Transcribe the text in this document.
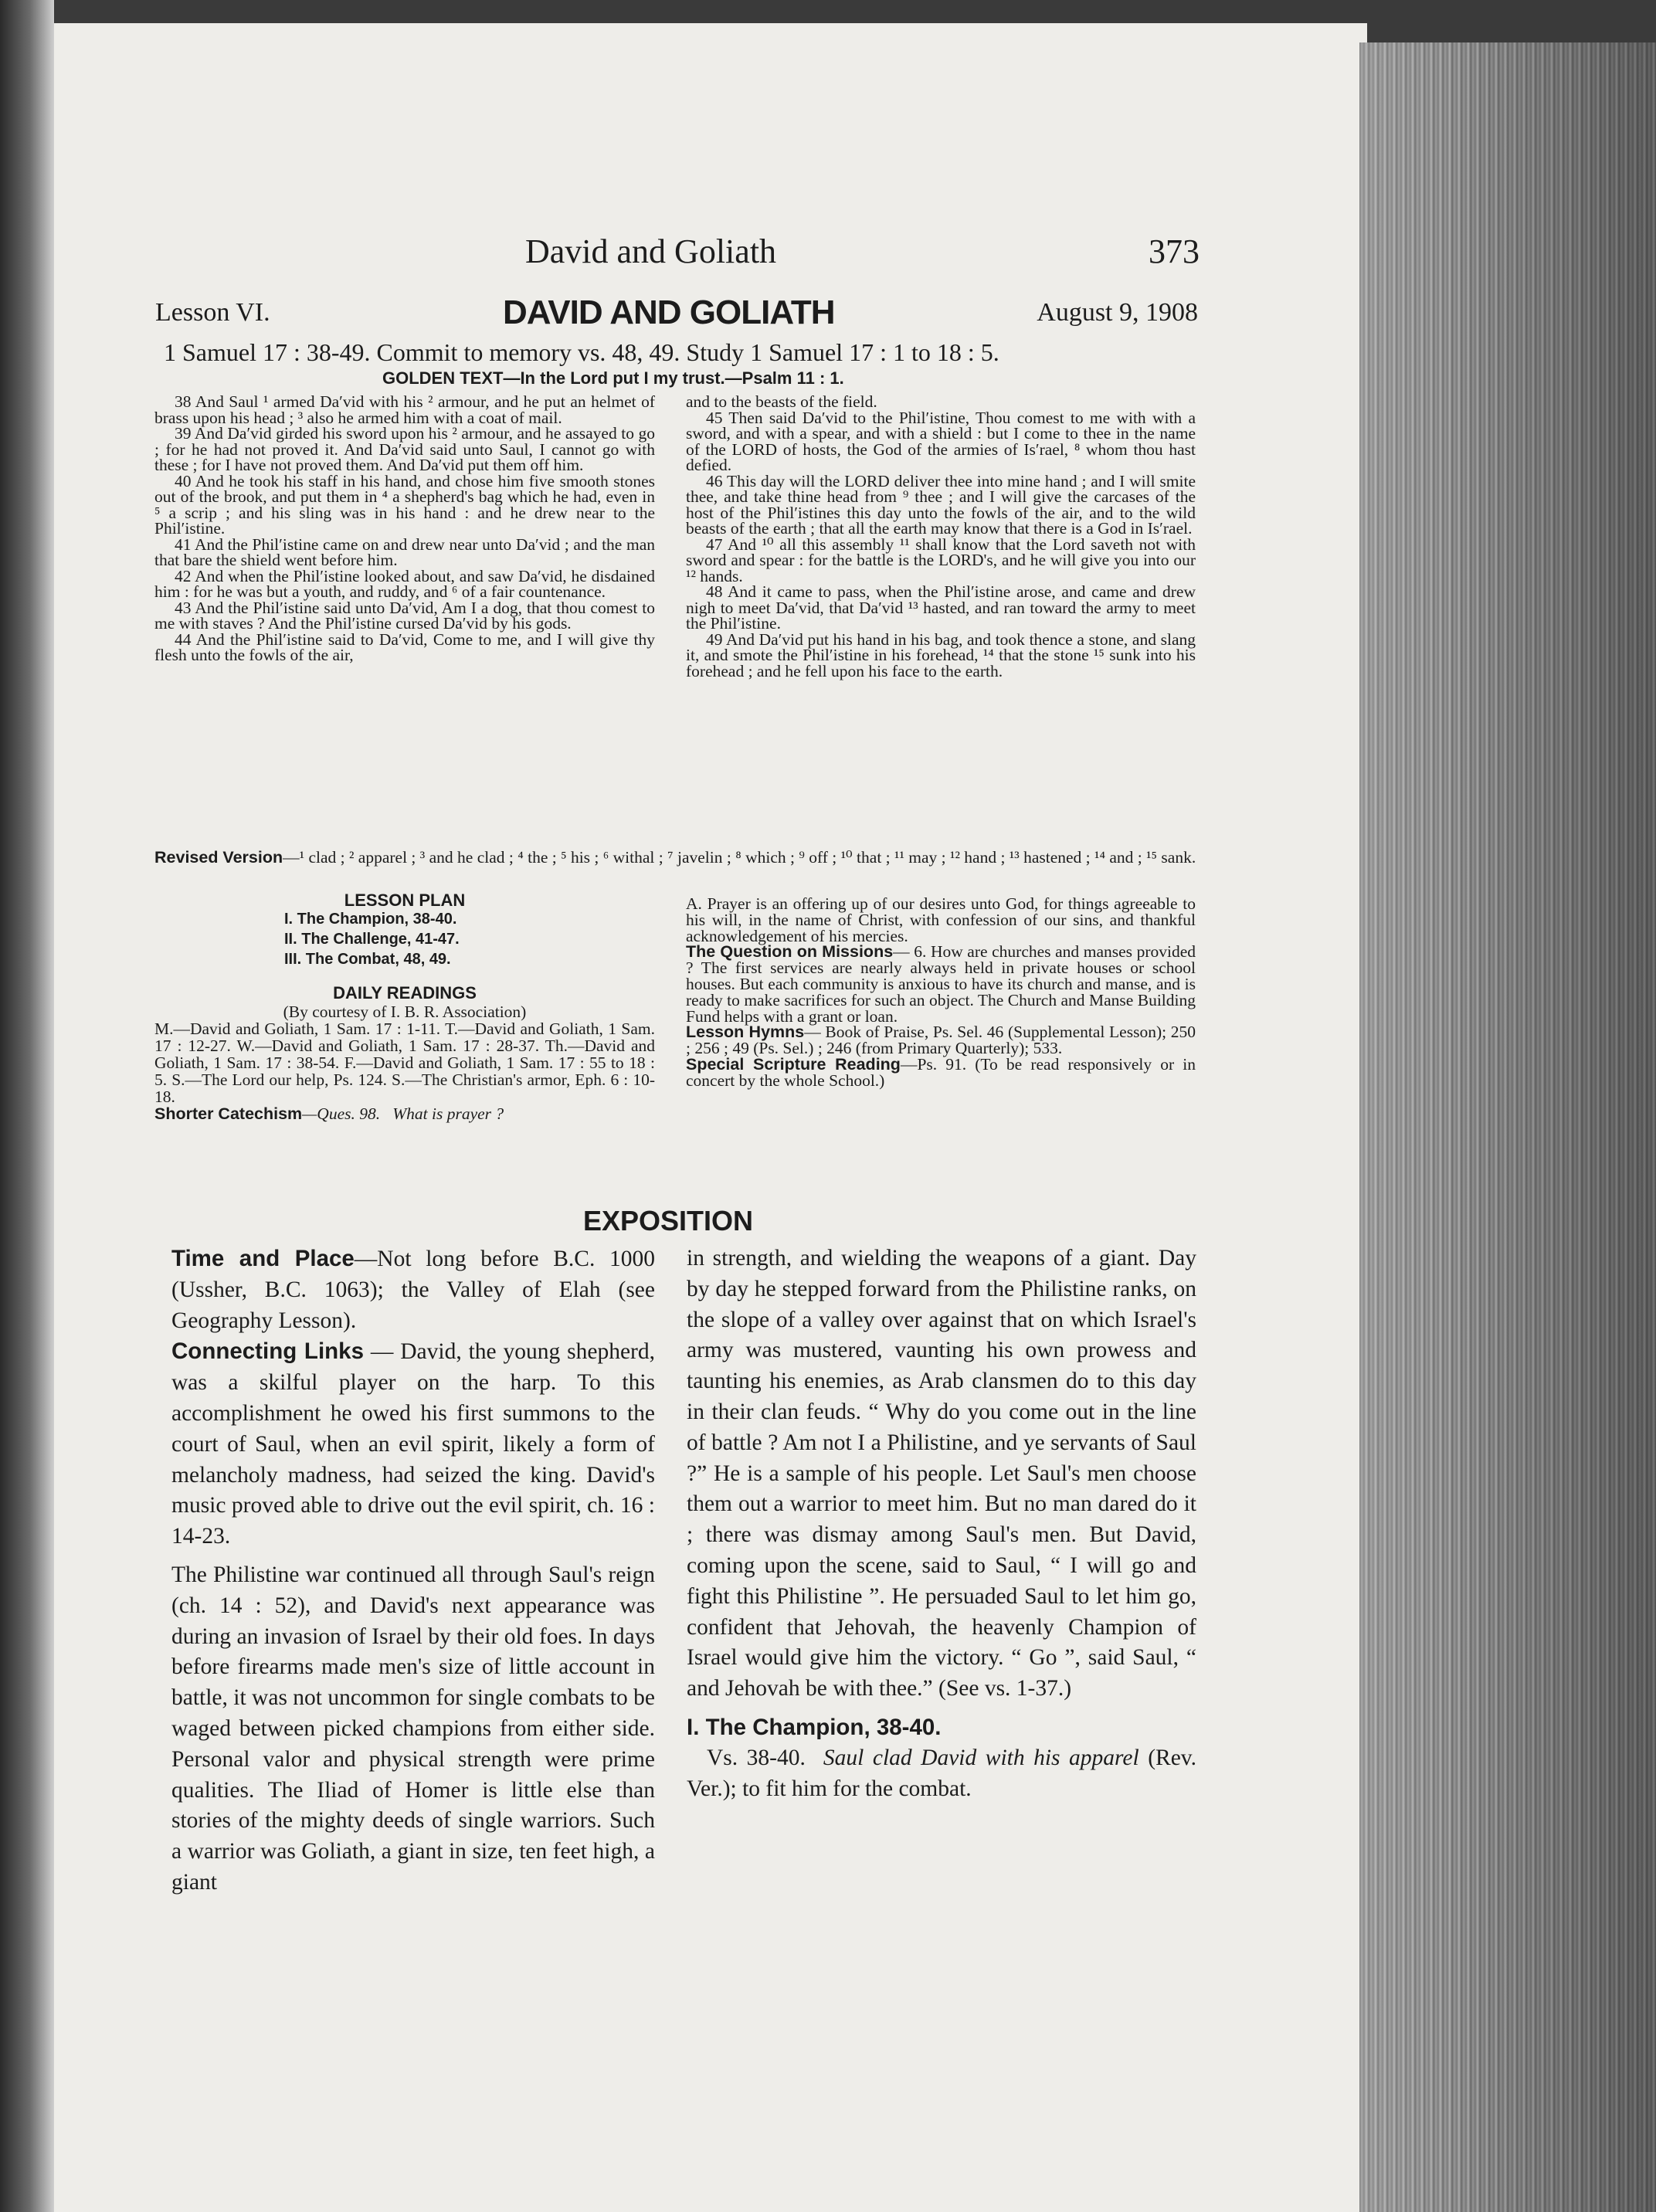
David and Goliath	373
Lesson VI.	DAVID AND GOLIATH	August 9, 1908
1 Samuel 17 : 38-49. Commit to memory vs. 48, 49. Study 1 Samuel 17 : 1 to 18 : 5.
GOLDEN TEXT—In the Lord put I my trust.—Psalm 11 : 1.

38 And Saul ¹ armed Da′vid with his ² armour, and he put an helmet of brass upon his head ; ³ also he armed him with a coat of mail.

39 And Da′vid girded his sword upon his ² armour, and he assayed to go ; for he had not proved it. And Da′vid said unto Saul, I cannot go with these ; for I have not proved them. And Da′vid put them off him.

40 And he took his staff in his hand, and chose him five smooth stones out of the brook, and put them in ⁴ a shepherd's bag which he had, even in ⁵ a scrip ; and his sling was in his hand : and he drew near to the Phil′istine.

41 And the Phil′istine came on and drew near unto Da′vid ; and the man that bare the shield went before him.

42 And when the Phil′istine looked about, and saw Da′vid, he disdained him : for he was but a youth, and ruddy, and ⁶ of a fair countenance.

43 And the Phil′istine said unto Da′vid, Am I a dog, that thou comest to me with staves ? And the Phil′istine cursed Da′vid by his gods.

44 And the Phil′istine said to Da′vid, Come to me, and I will give thy flesh unto the fowls of the air,

and to the beasts of the field.

45 Then said Da′vid to the Phil′istine, Thou comest to me with with a sword, and with a spear, and with a shield : but I come to thee in the name of the LORD of hosts, the God of the armies of Is′rael, ⁸ whom thou hast defied.

46 This day will the LORD deliver thee into mine hand ; and I will smite thee, and take thine head from ⁹ thee ; and I will give the carcases of the host of the Phil′istines this day unto the fowls of the air, and to the wild beasts of the earth ; that all the earth may know that there is a God in Is′rael.

47 And ¹⁰ all this assembly ¹¹ shall know that the Lord saveth not with sword and spear : for the battle is the LORD's, and he will give you into our ¹² hands.

48 And it came to pass, when the Phil′istine arose, and came and drew nigh to meet Da′vid, that Da′vid ¹³ hasted, and ran toward the army to meet the Phil′istine.

49 And Da′vid put his hand in his bag, and took thence a stone, and slang it, and smote the Phil′istine in his forehead, ¹⁴ that the stone ¹⁵ sunk into his forehead ; and he fell upon his face to the earth.

Revised Version—¹ clad ; ² apparel ; ³ and he clad ; ⁴ the ; ⁵ his ; ⁶ withal ; ⁷ javelin ; ⁸ which ; ⁹ off ; ¹⁰ that ; ¹¹ may ; ¹² hand ; ¹³ hastened ; ¹⁴ and ; ¹⁵ sank.

LESSON PLAN

I. The Champion, 38-40.

II. The Challenge, 41-47.

III. The Combat, 48, 49.

DAILY READINGS

(By courtesy of I. B. R. Association)

M.—David and Goliath, 1 Sam. 17 : 1-11. T.—David and Goliath, 1 Sam. 17 : 12-27. W.—David and Goliath, 1 Sam. 17 : 28-37. Th.—David and Goliath, 1 Sam. 17 : 38-54. F.—David and Goliath, 1 Sam. 17 : 55 to 18 : 5. S.—The Lord our help, Ps. 124. S.—The Christian's armor, Eph. 6 : 10-18.

Shorter Catechism—Ques. 98. What is prayer ?

A. Prayer is an offering up of our desires unto God, for things agreeable to his will, in the name of Christ, with confession of our sins, and thankful acknowledgement of his mercies.

The Question on Missions— 6. How are churches and manses provided ? The first services are nearly always held in private houses or school houses. But each community is anxious to have its church and manse, and is ready to make sacrifices for such an object. The Church and Manse Building Fund helps with a grant or loan.

Lesson Hymns— Book of Praise, Ps. Sel. 46 (Supplemental Lesson); 250 ; 256 ; 49 (Ps. Sel.) ; 246 (from Primary Quarterly); 533.

Special Scripture Reading—Ps. 91. (To be read responsively or in concert by the whole School.)

EXPOSITION

Time and Place—Not long before B.C. 1000 (Ussher, B.C. 1063); the Valley of Elah (see Geography Lesson).

Connecting Links — David, the young shepherd, was a skilful player on the harp. To this accomplishment he owed his first summons to the court of Saul, when an evil spirit, likely a form of melancholy madness, had seized the king. David's music proved able to drive out the evil spirit, ch. 16 : 14-23.

The Philistine war continued all through Saul's reign (ch. 14 : 52), and David's next appearance was during an invasion of Israel by their old foes. In days before firearms made men's size of little account in battle, it was not uncommon for single combats to be waged between picked champions from either side. Personal valor and physical strength were prime qualities. The Iliad of Homer is little else than stories of the mighty deeds of single warriors. Such a warrior was Goliath, a giant in size, ten feet high, a giant

in strength, and wielding the weapons of a giant. Day by day he stepped forward from the Philistine ranks, on the slope of a valley over against that on which Israel's army was mustered, vaunting his own prowess and taunting his enemies, as Arab clansmen do to this day in their clan feuds. “ Why do you come out in the line of battle ? Am not I a Philistine, and ye servants of Saul ?” He is a sample of his people. Let Saul's men choose them out a warrior to meet him. But no man dared do it ; there was dismay among Saul's men. But David, coming upon the scene, said to Saul, “ I will go and fight this Philistine ”. He persuaded Saul to let him go, confident that Jehovah, the heavenly Champion of Israel would give him the victory. “ Go ”, said Saul, “ and Jehovah be with thee.” (See vs. 1-37.)

I. The Champion, 38-40.

Vs. 38-40. Saul clad David with his apparel (Rev. Ver.); to fit him for the combat.
